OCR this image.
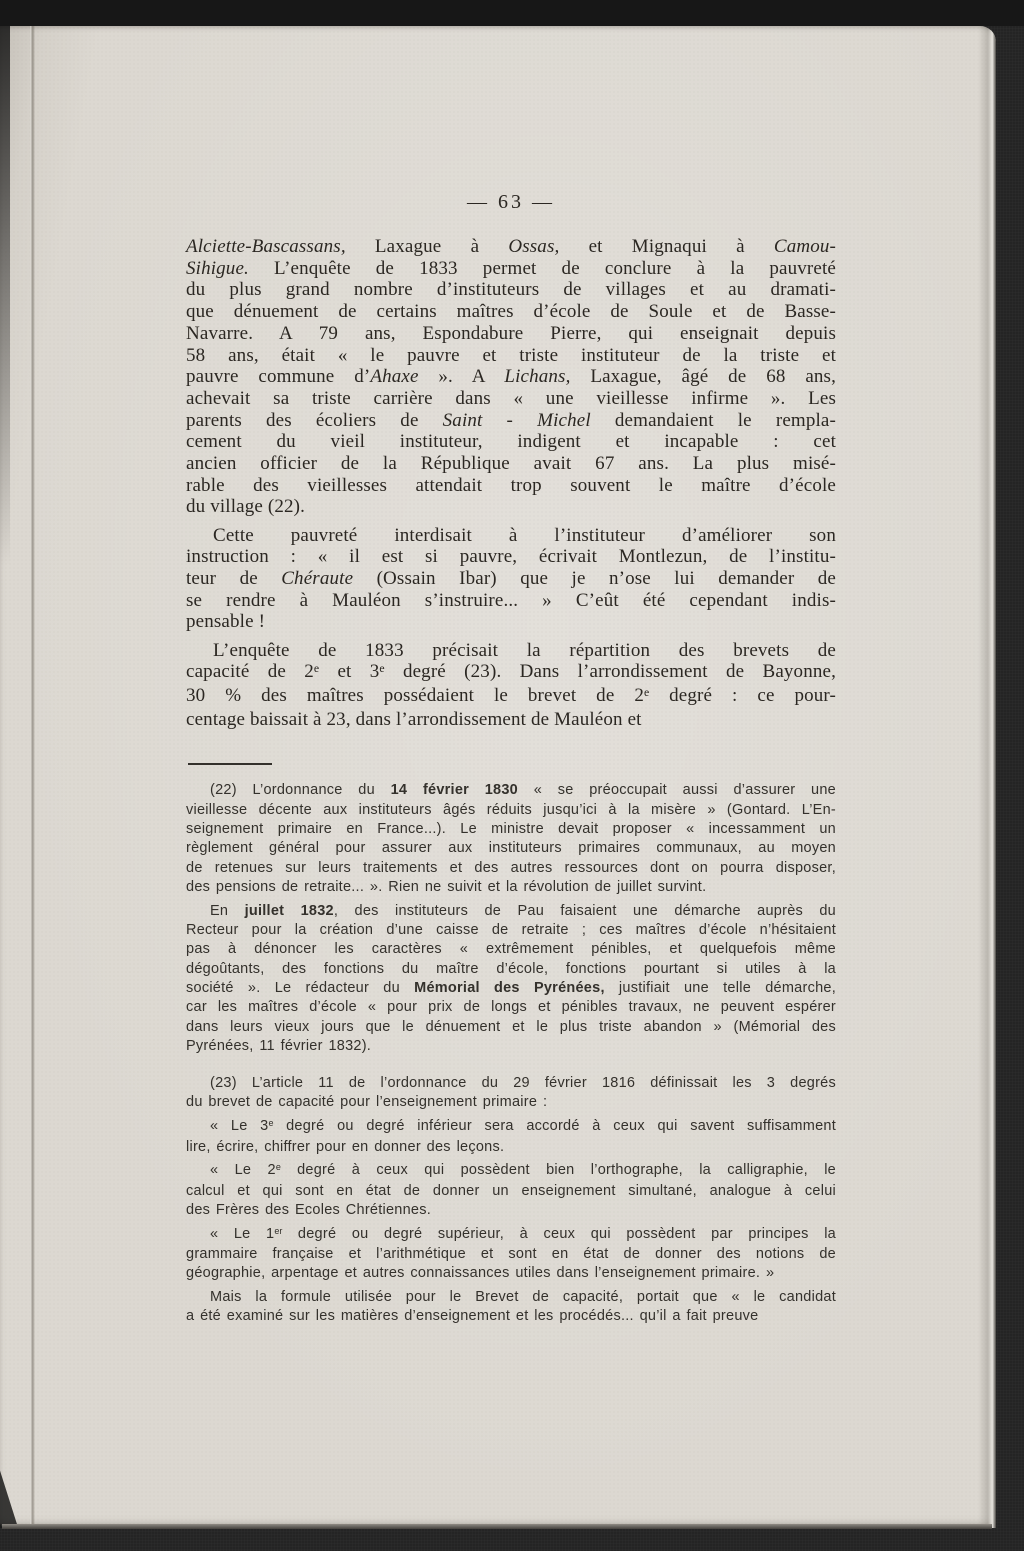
— 63 —
Alciette-Bascassans, Laxague à Ossas, et Mignaqui à Camou-
Sihigue. L’enquête de 1833 permet de conclure à la pauvreté
du plus grand nombre d’instituteurs de villages et au dramati-
que dénuement de certains maîtres d’école de Soule et de Basse-
Navarre. A 79 ans, Espondabure Pierre, qui enseignait depuis
58 ans, était « le pauvre et triste instituteur de la triste et
pauvre commune d’Ahaxe ». A Lichans, Laxague, âgé de 68 ans,
achevait sa triste carrière dans « une vieillesse infirme ». Les
parents des écoliers de Saint - Michel demandaient le rempla-
cement du vieil instituteur, indigent et incapable : cet
ancien officier de la République avait 67 ans. La plus misé-
rable des vieillesses attendait trop souvent le maître d’école
du village (22).
Cette pauvreté interdisait à l’instituteur d’améliorer son
instruction : « il est si pauvre, écrivait Montlezun, de l’institu-
teur de Chéraute (Ossain Ibar) que je n’ose lui demander de
se rendre à Mauléon s’instruire... » C’eût été cependant indis-
pensable !
L’enquête de 1833 précisait la répartition des brevets de
capacité de 2e et 3e degré (23). Dans l’arrondissement de Bayonne,
30 % des maîtres possédaient le brevet de 2e degré : ce pour-
centage baissait à 23, dans l’arrondissement de Mauléon et
(22) L’ordonnance du 14 février 1830 « se préoccupait aussi d’assurer une
vieillesse décente aux instituteurs âgés réduits jusqu’ici à la misère » (Gontard. L’En-
seignement primaire en France...). Le ministre devait proposer « incessamment un
règlement général pour assurer aux instituteurs primaires communaux, au moyen
de retenues sur leurs traitements et des autres ressources dont on pourra disposer,
des pensions de retraite... ». Rien ne suivit et la révolution de juillet survint.
En juillet 1832, des instituteurs de Pau faisaient une démarche auprès du
Recteur pour la création d’une caisse de retraite ; ces maîtres d’école n’hésitaient
pas à dénoncer les caractères « extrêmement pénibles, et quelquefois même
dégoûtants, des fonctions du maître d’école, fonctions pourtant si utiles à la
société ». Le rédacteur du Mémorial des Pyrénées, justifiait une telle démarche,
car les maîtres d’école « pour prix de longs et pénibles travaux, ne peuvent espérer
dans leurs vieux jours que le dénuement et le plus triste abandon » (Mémorial des
Pyrénées, 11 février 1832).
(23) L’article 11 de l’ordonnance du 29 février 1816 définissait les 3 degrés
du brevet de capacité pour l’enseignement primaire :
« Le 3e degré ou degré inférieur sera accordé à ceux qui savent suffisamment
lire, écrire, chiffrer pour en donner des leçons.
« Le 2e degré à ceux qui possèdent bien l’orthographe, la calligraphie, le
calcul et qui sont en état de donner un enseignement simultané, analogue à celui
des Frères des Ecoles Chrétiennes.
« Le 1er degré ou degré supérieur, à ceux qui possèdent par principes la
grammaire française et l’arithmétique et sont en état de donner des notions de
géographie, arpentage et autres connaissances utiles dans l’enseignement primaire. »
Mais la formule utilisée pour le Brevet de capacité, portait que « le candidat
a été examiné sur les matières d’enseignement et les procédés... qu’il a fait preuve
